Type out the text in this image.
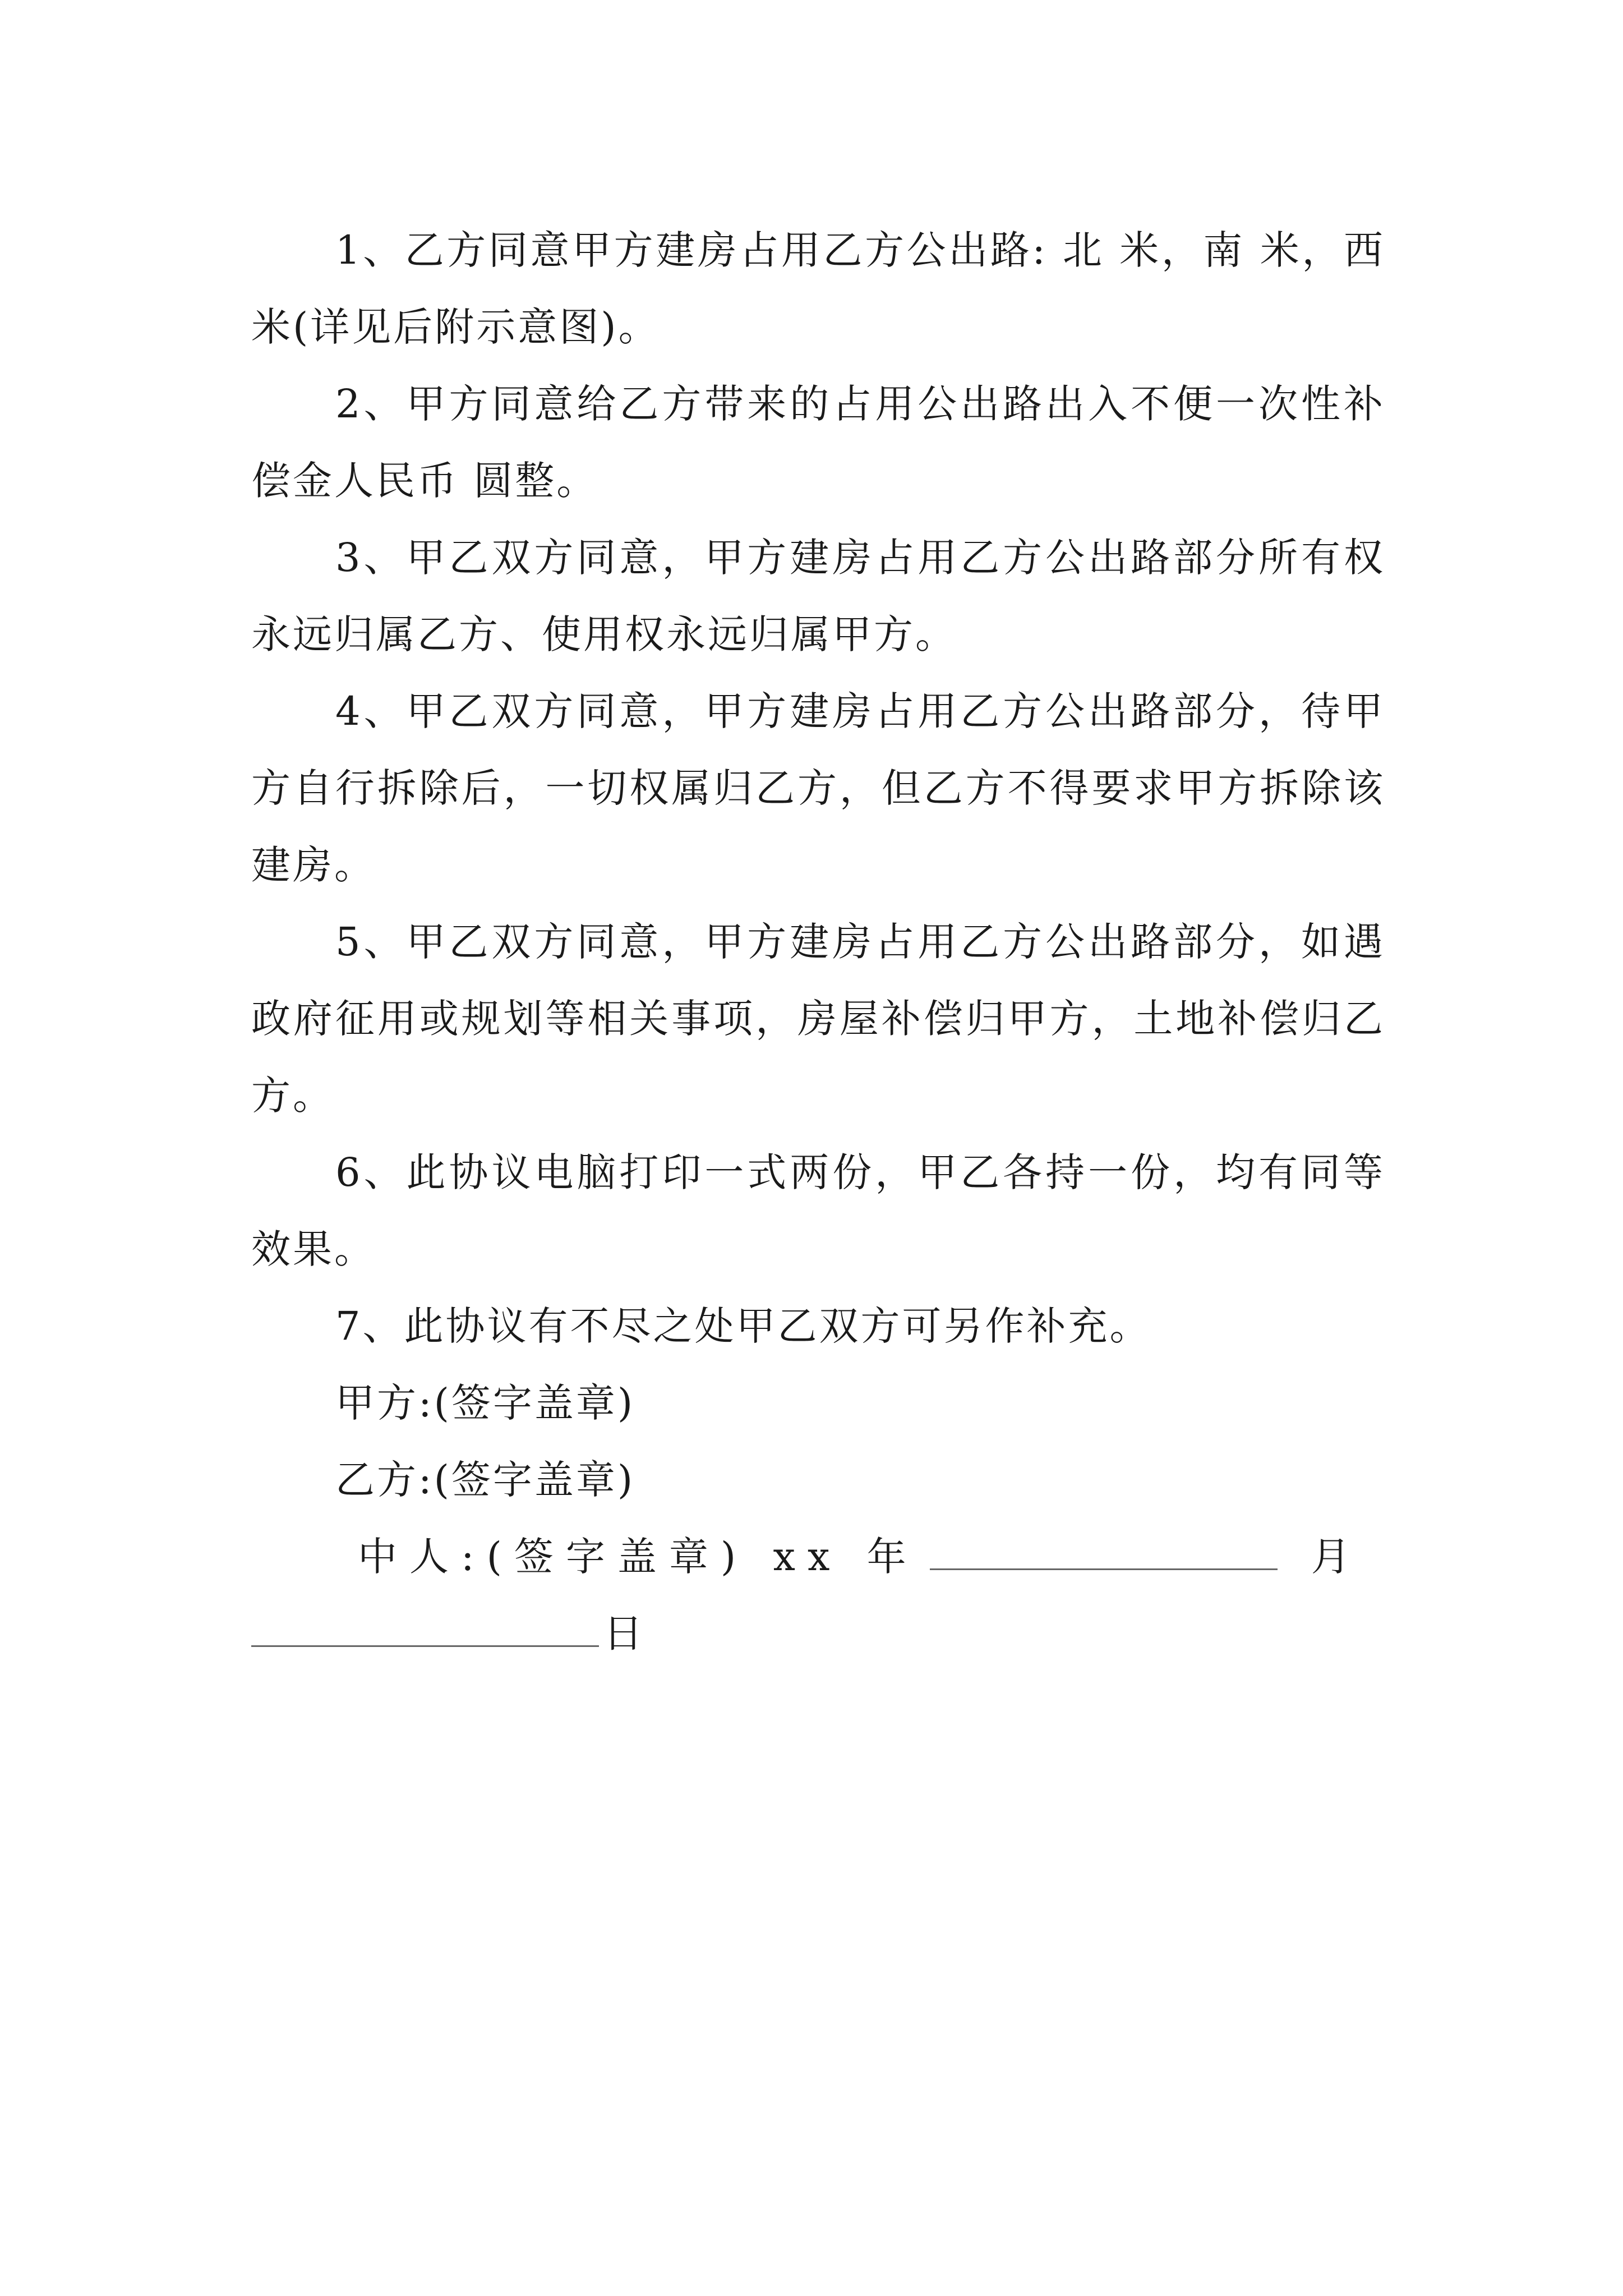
1、乙方同意甲方建房占用乙方公出路: 北 米，南 米，西 米(详见后附示意图)。

2、甲方同意给乙方带来的占用公出路出入不便一次性补偿金人民币 圆整。

3、甲乙双方同意，甲方建房占用乙方公出路部分所有权永远归属乙方、使用权永远归属甲方。

4、甲乙双方同意，甲方建房占用乙方公出路部分，待甲方自行拆除后，一切权属归乙方，但乙方不得要求甲方拆除该建房。

5、甲乙双方同意，甲方建房占用乙方公出路部分，如遇政府征用或规划等相关事项，房屋补偿归甲方，土地补偿归乙方。

6、此协议电脑打印一式两份，甲乙各持一份，均有同等效果。

7、此协议有不尽之处甲乙双方可另作补充。

甲方:(签字盖章)

乙方:(签字盖章)

中人:(签字盖章) xx 年	月

日
